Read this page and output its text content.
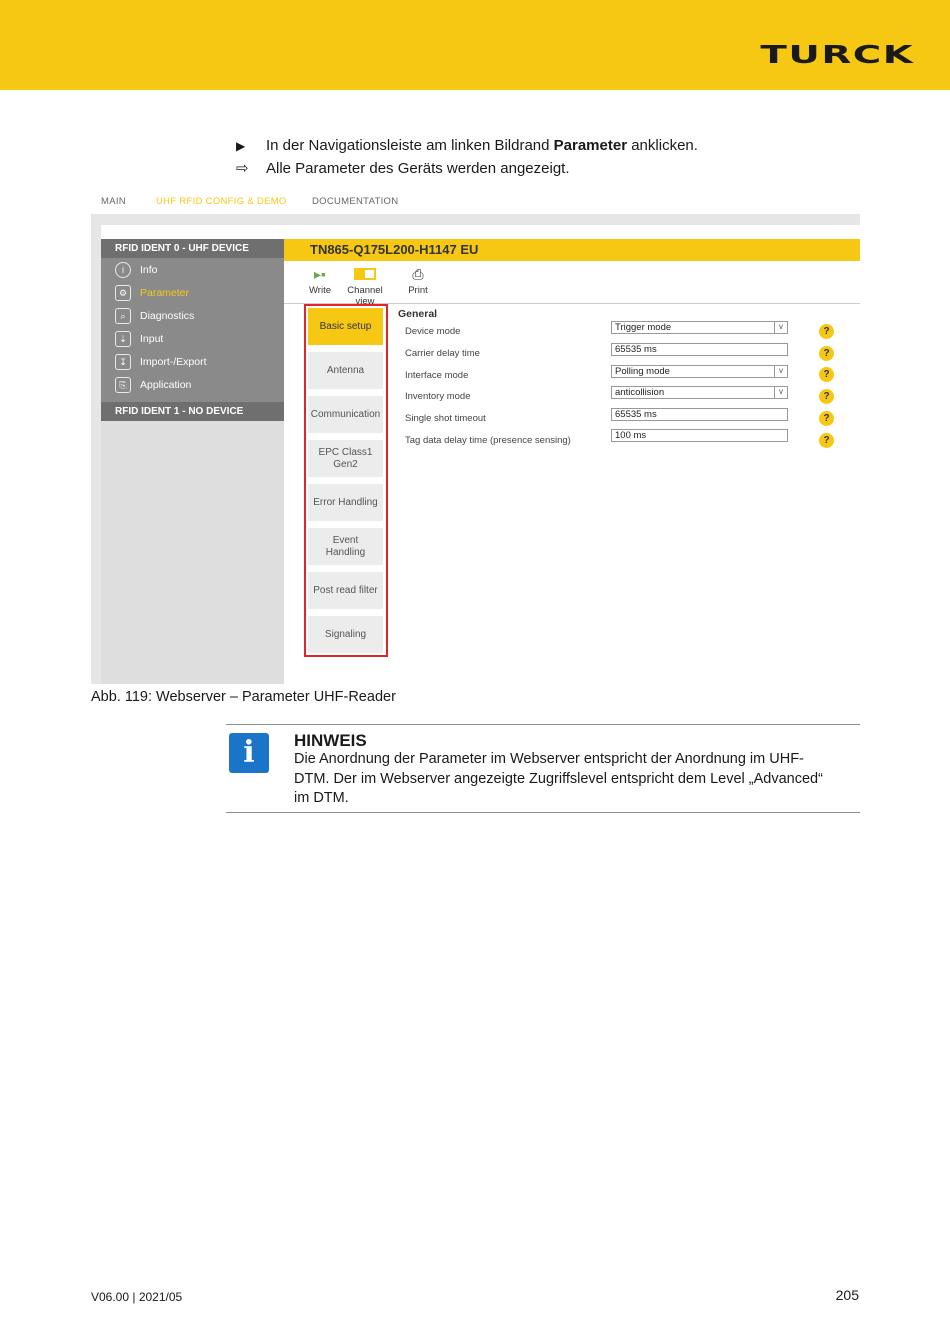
TURCK
▶	In der Navigationsleiste am linken Bildrand Parameter anklicken.
⇨	Alle Parameter des Geräts werden angezeigt.
MAIN	UHF RFID CONFIG & DEMO	DOCUMENTATION
RFID IDENT 0 - UHF DEVICE
i	Info
⚙	Parameter
⌕	Diagnostics
⇣	Input
↧	Import-/Export
⎘	Application
RFID IDENT 1 - NO DEVICE
TN865-Q175L200-H1147 EU
▸▪
Write	Channel view
⎙
Print
Basic setup
Antenna
Communication
EPC Class1 Gen2
Error Handling
Event Handling
Post read filter
Signaling
General
Device mode	Trigger mode v	?
Carrier delay time	65535 ms	?
Interface mode	Polling mode v	?
Inventory mode	anticollision v	?
Single shot timeout	65535 ms	?
Tag data delay time (presence sensing)	100 ms	?
Abb. 119: Webserver – Parameter UHF-Reader
i	HINWEIS
Die Anordnung der Parameter im Webserver entspricht der Anordnung im UHF-
DTM. Der im Webserver angezeigte Zugriffslevel entspricht dem Level „Advanced“
im DTM.
V06.00 | 2021/05	205
